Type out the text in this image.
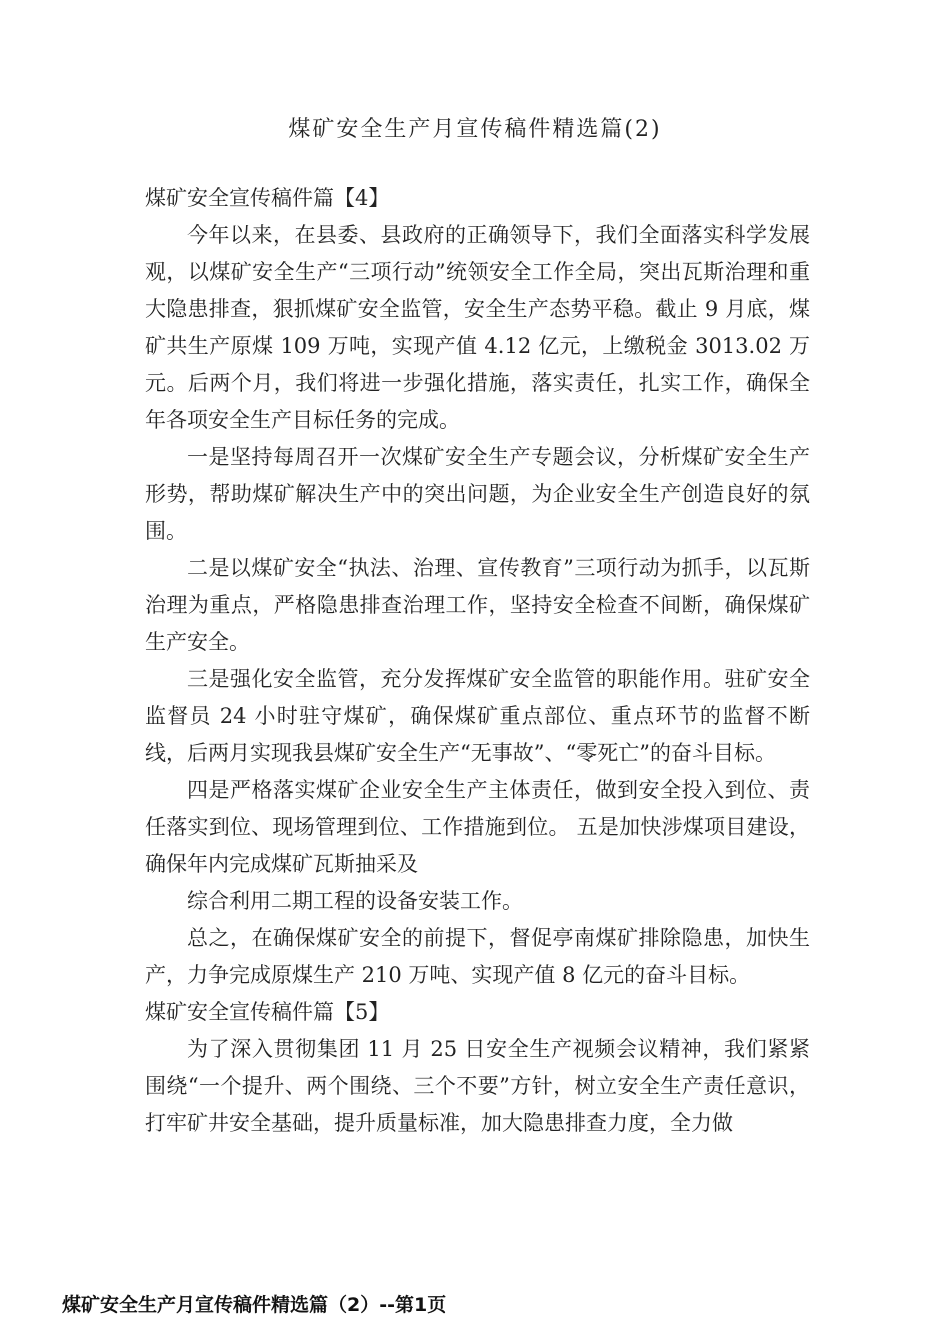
煤矿安全生产月宣传稿件精选篇(2)

煤矿安全宣传稿件篇【4】

今年以来，在县委、县政府的正确领导下，我们全面落实科学发展观，以煤矿安全生产“三项行动”统领安全工作全局，突出瓦斯治理和重大隐患排查，狠抓煤矿安全监管，安全生产态势平稳。截止 9 月底，煤矿共生产原煤 109 万吨，实现产值 4.12 亿元，上缴税金 3013.02 万元。后两个月，我们将进一步强化措施，落实责任，扎实工作，确保全年各项安全生产目标任务的完成。

一是坚持每周召开一次煤矿安全生产专题会议，分析煤矿安全生产形势，帮助煤矿解决生产中的突出问题，为企业安全生产创造良好的氛围。

二是以煤矿安全“执法、治理、宣传教育”三项行动为抓手，以瓦斯治理为重点，严格隐患排查治理工作，坚持安全检查不间断，确保煤矿生产安全。

三是强化安全监管，充分发挥煤矿安全监管的职能作用。驻矿安全监督员 24 小时驻守煤矿，确保煤矿重点部位、重点环节的监督不断线，后两月实现我县煤矿安全生产“无事故”、“零死亡”的奋斗目标。

四是严格落实煤矿企业安全生产主体责任，做到安全投入到位、责任落实到位、现场管理到位、工作措施到位。 五是加快涉煤项目建设，确保年内完成煤矿瓦斯抽采及

综合利用二期工程的设备安装工作。

总之，在确保煤矿安全的前提下，督促亭南煤矿排除隐患，加快生产，力争完成原煤生产 210 万吨、实现产值 8 亿元的奋斗目标。

煤矿安全宣传稿件篇【5】

为了深入贯彻集团 11 月 25 日安全生产视频会议精神，我们紧紧围绕“一个提升、两个围绕、三个不要”方针，树立安全生产责任意识，打牢矿井安全基础，提升质量标准，加大隐患排查力度，全力做

煤矿安全生产月宣传稿件精选篇（2）--第1页
